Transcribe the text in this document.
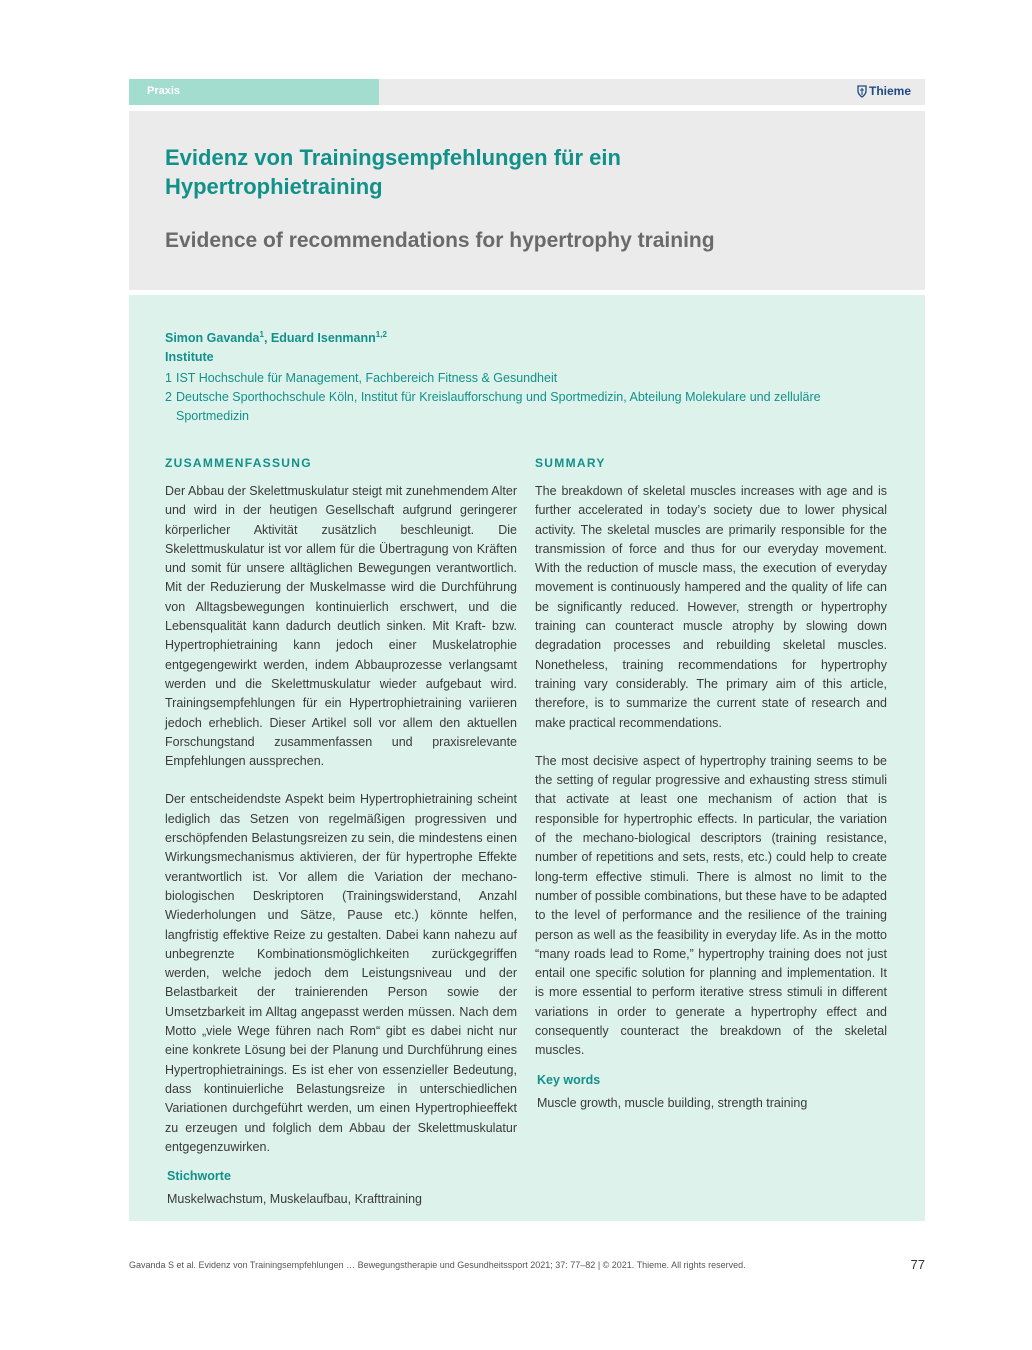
Praxis	Thieme
Evidenz von Trainingsempfehlungen für ein Hypertrophietraining
Evidence of recommendations for hypertrophy training
Simon Gavanda$^1$, Eduard Isenmann$^{1,2}$
Institute
1 IST Hochschule für Management, Fachbereich Fitness & Gesundheit
2 Deutsche Sporthochschule Köln, Institut für Kreislaufforschung und Sportmedizin, Abteilung Molekulare und zelluläre Sportmedizin
ZUSAMMENFASSUNG

Der Abbau der Skelettmuskulatur steigt mit zunehmendem Alter und wird in der heutigen Gesellschaft aufgrund geringerer körperlicher Aktivität zusätzlich beschleunigt. Die Skelettmuskulatur ist vor allem für die Übertragung von Kräften und somit für unsere alltäglichen Bewegungen verantwortlich. Mit der Reduzierung der Muskelmasse wird die Durchführung von Alltagsbewegungen kontinuierlich erschwert, und die Lebensqualität kann dadurch deutlich sinken. Mit Kraft- bzw. Hypertrophietraining kann jedoch einer Muskelatrophie entgegengewirkt werden, indem Abbauprozesse verlangsamt werden und die Skelettmuskulatur wieder aufgebaut wird. Trainingsempfehlungen für ein Hypertrophietraining variieren jedoch erheblich. Dieser Artikel soll vor allem den aktuellen Forschungstand zusammenfassen und praxisrelevante Empfehlungen aussprechen.

Der entscheidendste Aspekt beim Hypertrophietraining scheint lediglich das Setzen von regelmäßigen progressiven und erschöpfenden Belastungsreizen zu sein, die mindestens einen Wirkungsmechanismus aktivieren, der für hypertrophe Effekte verantwortlich ist. Vor allem die Variation der mechano-biologischen Deskriptoren (Trainingswiderstand, Anzahl Wiederholungen und Sätze, Pause etc.) könnte helfen, langfristig effektive Reize zu gestalten. Dabei kann nahezu auf unbegrenzte Kombinationsmöglichkeiten zurückgegriffen werden, welche jedoch dem Leistungsniveau und der Belastbarkeit der trainierenden Person sowie der Umsetzbarkeit im Alltag angepasst werden müssen. Nach dem Motto „viele Wege führen nach Rom“ gibt es dabei nicht nur eine konkrete Lösung bei der Planung und Durchführung eines Hypertrophietrainings. Es ist eher von essenzieller Bedeutung, dass kontinuierliche Belastungsreize in unterschiedlichen Variationen durchgeführt werden, um einen Hypertrophieeffekt zu erzeugen und folglich dem Abbau der Skelettmuskulatur entgegenzuwirken.

Stichworte
Muskelwachstum, Muskelaufbau, Krafttraining
SUMMARY

The breakdown of skeletal muscles increases with age and is further accelerated in today’s society due to lower physical activity. The skeletal muscles are primarily responsible for the transmission of force and thus for our everyday movement. With the reduction of muscle mass, the execution of everyday movement is continuously hampered and the quality of life can be significantly reduced. However, strength or hypertrophy training can counteract muscle atrophy by slowing down degradation processes and rebuilding skeletal muscles. Nonetheless, training recommendations for hypertrophy training vary considerably. The primary aim of this article, therefore, is to summarize the current state of research and make practical recommendations.

The most decisive aspect of hypertrophy training seems to be the setting of regular progressive and exhausting stress stimuli that activate at least one mechanism of action that is responsible for hypertrophic effects. In particular, the variation of the mechano-biological descriptors (training resistance, number of repetitions and sets, rests, etc.) could help to create long-term effective stimuli. There is almost no limit to the number of possible combinations, but these have to be adapted to the level of performance and the resilience of the training person as well as the feasibility in everyday life. As in the motto “many roads lead to Rome,” hypertrophy training does not just entail one specific solution for planning and implementation. It is more essential to perform iterative stress stimuli in different variations in order to generate a hypertrophy effect and consequently counteract the breakdown of the skeletal muscles.

Key words
Muscle growth, muscle building, strength training
Gavanda S et al. Evidenz von Trainingsempfehlungen … Bewegungstherapie und Gesundheitssport 2021; 37: 77–82 | © 2021. Thieme. All rights reserved.	77
